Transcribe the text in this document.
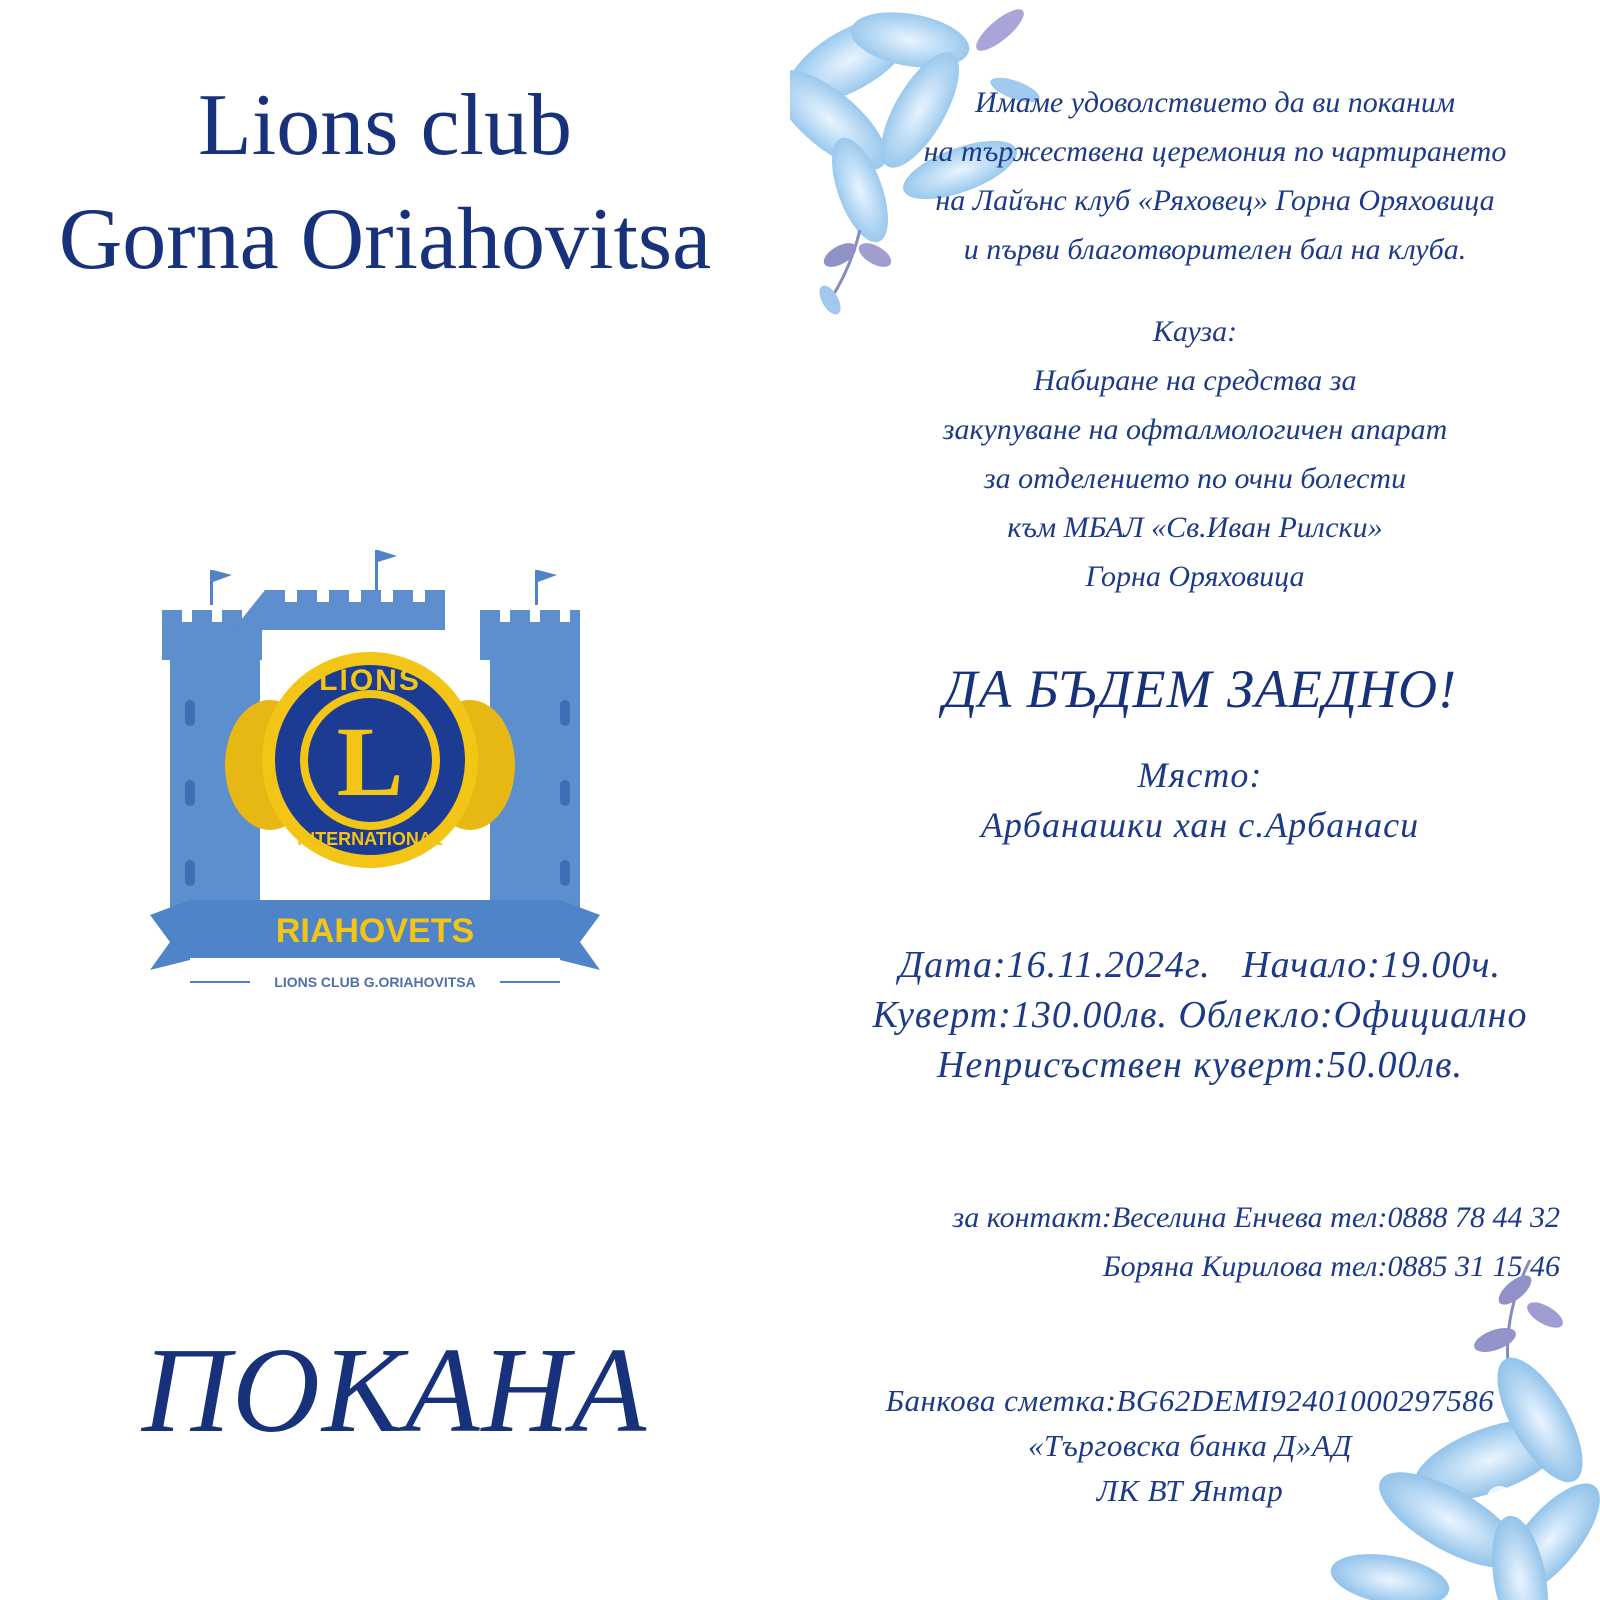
Lions club
Gorna Oriahovitsa
L
LIONS
INTERNATIONAL
RIAHOVETS
LIONS CLUB G.ORIAHOVITSA
ПОКАНА
Имаме удоволствието да ви поканим
на тържествена церемония по чартирането
на Лайънс клуб «Ряховец» Горна Оряховица
и първи благотворителен бал на клуба.
Кауза:
Набиране на средства за
закупуване на офталмологичен апарат
за отделението по очни болести
към МБАЛ «Св.Иван Рилски»
Горна Оряховица
ДА БЪДЕМ ЗАЕДНО!
Място:
Арбанашки хан с.Арбанаси
Дата:16.11.2024г.   Начало:19.00ч.
Куверт:130.00лв. Облекло:Официално
Неприсъствен куверт:50.00лв.
за контакт:Веселина Енчева тел:0888 78 44 32
Боряна Кирилова тел:0885 31 15 46
Банкова сметка:BG62DEMI92401000297586
«Търговска банка Д»АД
ЛК ВТ Янтар
